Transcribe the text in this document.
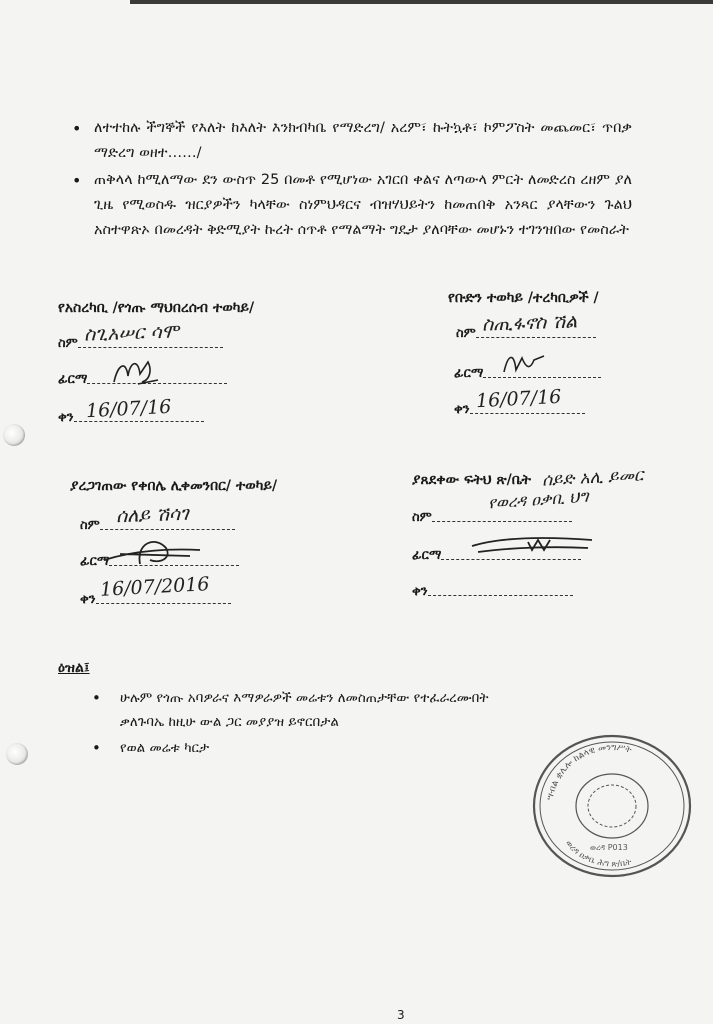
• ለተተከሉ ችግኞች የእለት ከእለት እንክብካቤ የማድረግ/ አረም፣ ኩትኳቶ፣ ኮምፖስት መጨመር፣ ጥበቃ ማድረግ ወዘተ……/
• ጠቅላላ ከሚለማው ደን ውስጥ 25 በመቶ የሚሆነው አገርበ ቀልና ለጣውላ ምርት ለመድረስ ረዘም ያለ ጊዜ የሚወስዱ ዝርያዎችን ካላቸው ስነምህዳርና ብዝሃህይትን ከመጠበቅ አንጻር ያላቸውን ጉልህ አስተዋጽኦ በመረዳት ቅድሚያት ኩረት ሰጥቶ የማልማት ግዴታ ያለባቸው መሆኑን ተገንዝበው የመስራት
የአስረካቢ /የጎጡ ማህበረሰብ ተወካይ/
ስም ስጊአሠር ሳሞ
ፊርማ
ቀን 16/07/16
የቡድን ተወካይ /ተረካቢዎች /
ስም ስጢፋኖስ ሽል
ፊርማ
ቀን 16/07/16
ያረጋገጠው የቀበሌ ሊቀመንበር/ ተወካይ/
ስም ሰለይ ሽሳገ
ፊርማ
ቀን 16/07/2016
ያጸደቀው ፍትህ ጽ/ቤት ሰይድ አሊ ይመር
የወረዳ ዐቃቢ ህግ
ስም
ፊርማ
ቀን
ዕዝል፤
• ሁሉም የጎጡ አባዎራና እማዎራዎች መሬቱን ለመስጠታቸው የተፈራረሙበት ቃለጉባኤ ከዚሁ ውል ጋር መያያዝ ይኖርበታል
• የወል መሬቱ ካርታ
ሣብል ቋሌሎ ከልላዊ መንግሥት
ወረዳ P013
ወረዳ ዐቃቤ ሕግ ጽ/ቤት
3
